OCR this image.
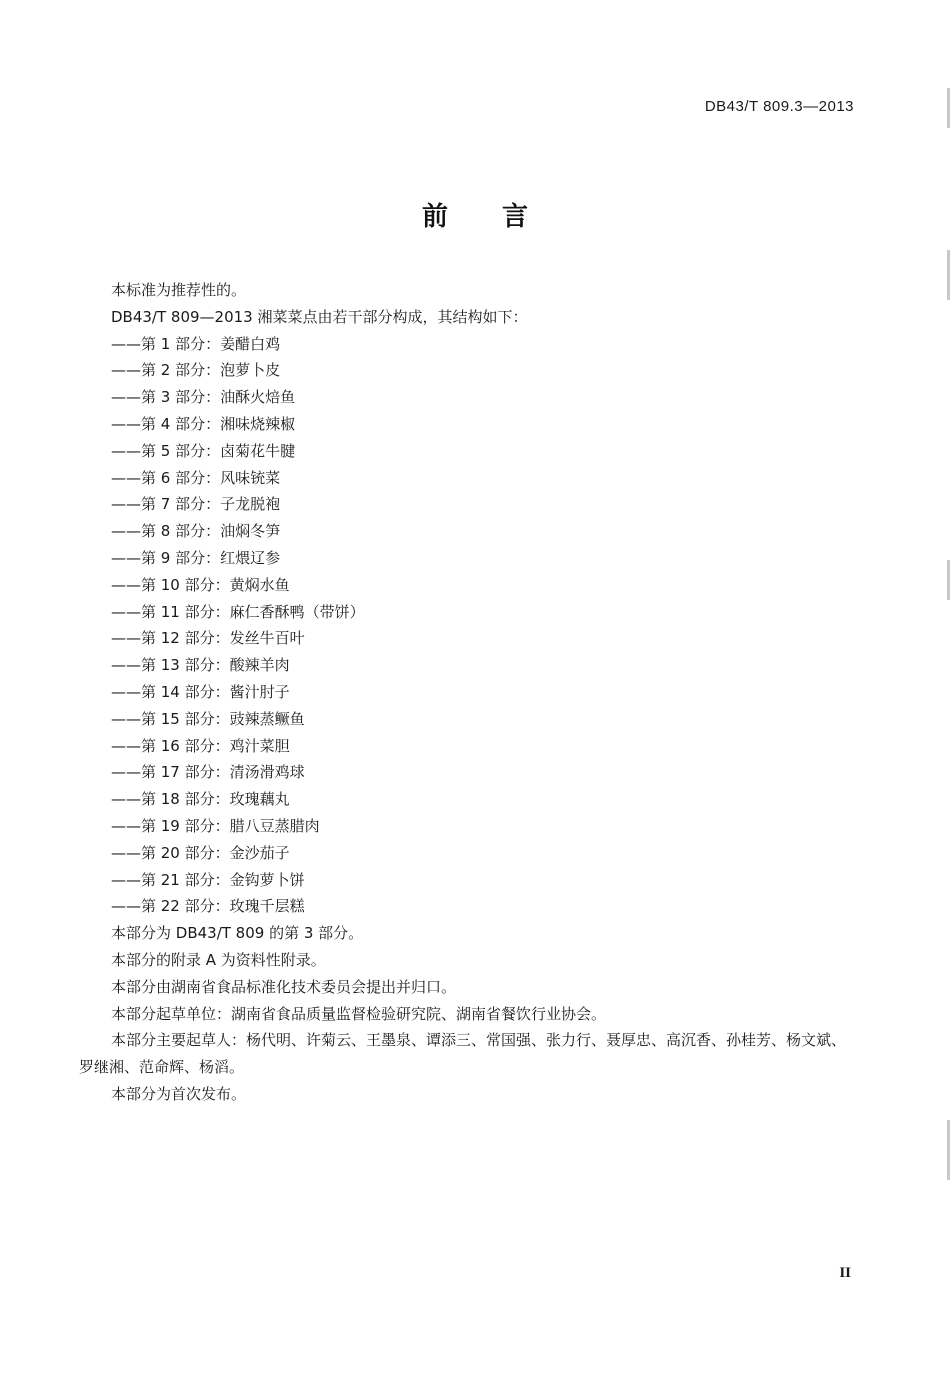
DB43/T 809.3—2013
前言

本标准为推荐性的。

DB43/T 809—2013 湘菜菜点由若干部分构成，其结构如下：

——第 1 部分：姜醋白鸡
——第 2 部分：泡萝卜皮
——第 3 部分：油酥火焙鱼
——第 4 部分：湘味烧辣椒
——第 5 部分：卤菊花牛腱
——第 6 部分：风味铳菜
——第 7 部分：子龙脱袍
——第 8 部分：油焖冬笋
——第 9 部分：红煨辽参
——第 10 部分：黄焖水鱼
——第 11 部分：麻仁香酥鸭（带饼）
——第 12 部分：发丝牛百叶
——第 13 部分：酸辣羊肉
——第 14 部分：酱汁肘子
——第 15 部分：豉辣蒸鳜鱼
——第 16 部分：鸡汁菜胆
——第 17 部分：清汤滑鸡球
——第 18 部分：玫瑰藕丸
——第 19 部分：腊八豆蒸腊肉
——第 20 部分：金沙茄子
——第 21 部分：金钩萝卜饼
——第 22 部分：玫瑰千层糕

本部分为 DB43/T 809 的第 3 部分。

本部分的附录 A 为资料性附录。

本部分由湖南省食品标准化技术委员会提出并归口。

本部分起草单位：湖南省食品质量监督检验研究院、湖南省餐饮行业协会。

本部分主要起草人：杨代明、许菊云、王墨泉、谭添三、常国强、张力行、聂厚忠、高沉香、孙桂芳、杨文斌、罗继湘、范命辉、杨滔。

本部分为首次发布。

II
